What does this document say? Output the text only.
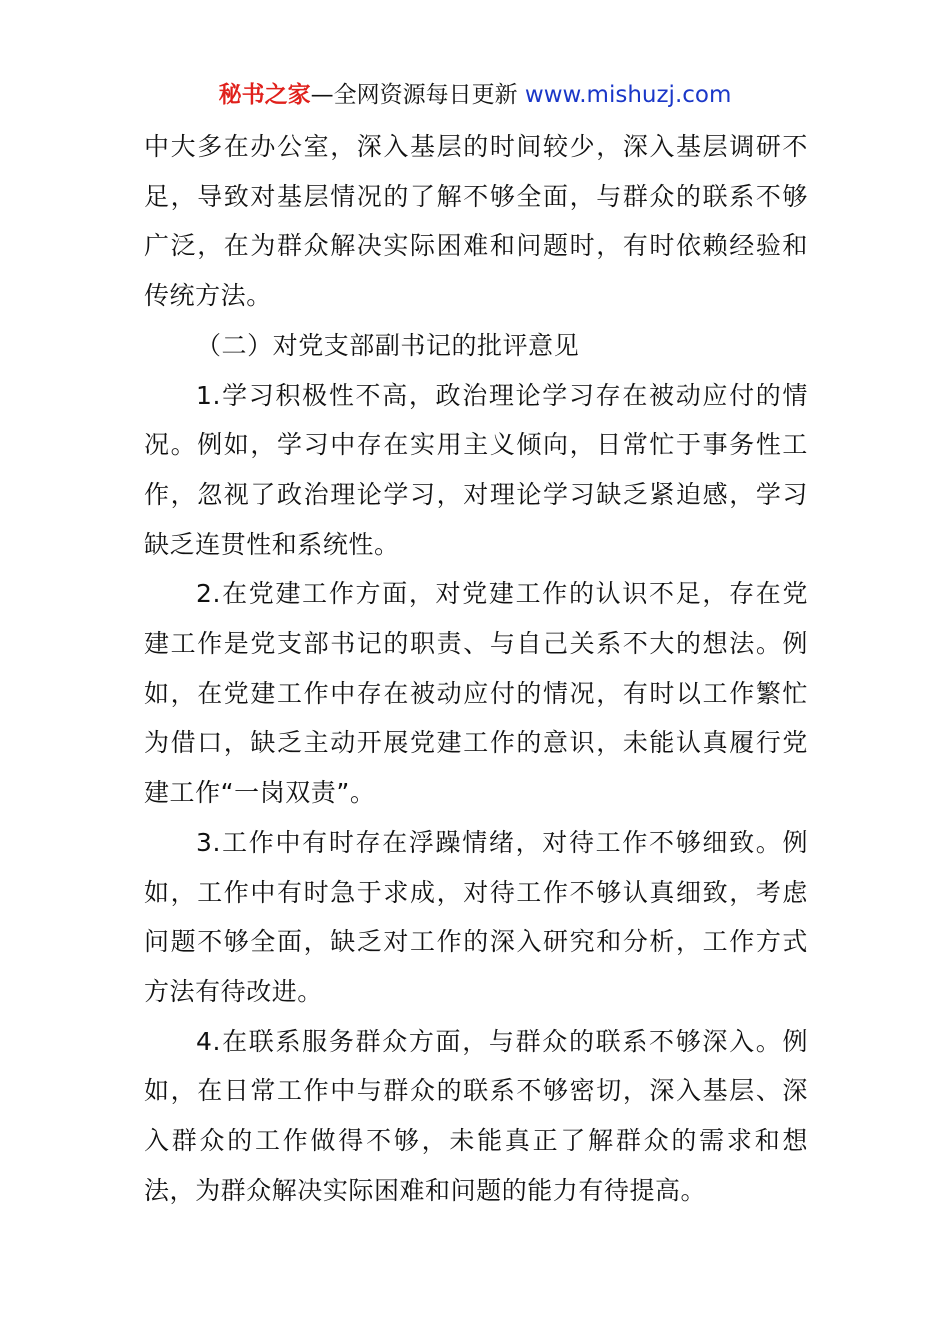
秘书之家—全网资源每日更新 www.mishuzj.com

中大多在办公室，深入基层的时间较少，深入基层调研不足，导致对基层情况的了解不够全面，与群众的联系不够广泛，在为群众解决实际困难和问题时，有时依赖经验和传统方法。

（二）对党支部副书记的批评意见

1.学习积极性不高，政治理论学习存在被动应付的情况。例如，学习中存在实用主义倾向，日常忙于事务性工作，忽视了政治理论学习，对理论学习缺乏紧迫感，学习缺乏连贯性和系统性。

2.在党建工作方面，对党建工作的认识不足，存在党建工作是党支部书记的职责、与自己关系不大的想法。例如，在党建工作中存在被动应付的情况，有时以工作繁忙为借口，缺乏主动开展党建工作的意识，未能认真履行党建工作“一岗双责”。

3.工作中有时存在浮躁情绪，对待工作不够细致。例如，工作中有时急于求成，对待工作不够认真细致，考虑问题不够全面，缺乏对工作的深入研究和分析，工作方式方法有待改进。

4.在联系服务群众方面，与群众的联系不够深入。例如，在日常工作中与群众的联系不够密切，深入基层、深入群众的工作做得不够，未能真正了解群众的需求和想法，为群众解决实际困难和问题的能力有待提高。
